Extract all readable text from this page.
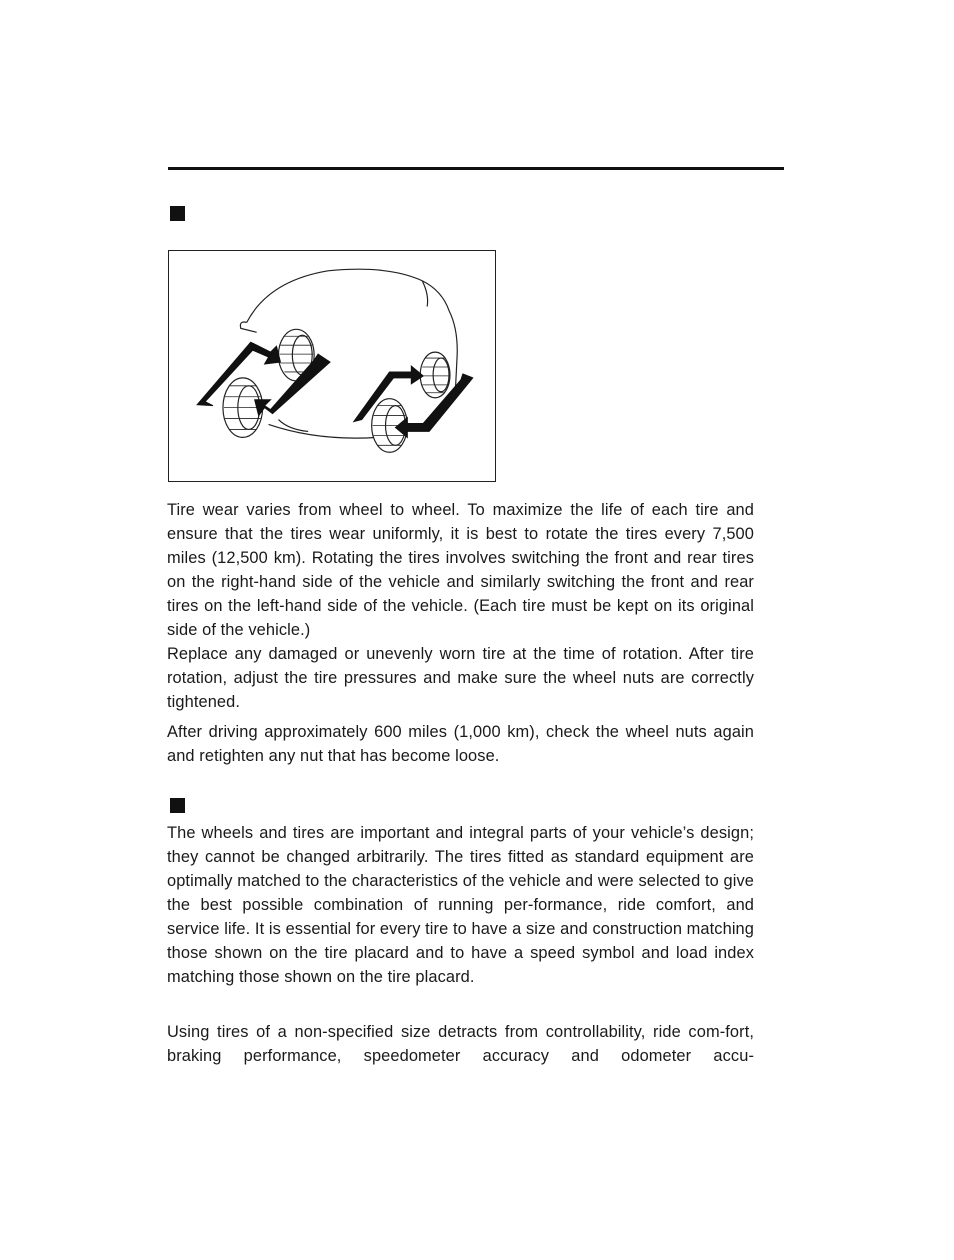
Tire wear varies from wheel to wheel. To maximize the life of each tire and ensure that the tires wear uniformly, it is best to rotate the tires every 7,500 miles (12,500 km). Rotating the tires involves switching the front and rear tires on the right-hand side of the vehicle and similarly switching the front and rear tires on the left-hand side of the vehicle. (Each tire must be kept on its original side of the vehicle.)

Replace any damaged or unevenly worn tire at the time of rotation. After tire rotation, adjust the tire pressures and make sure the wheel nuts are correctly tightened.

After driving approximately 600 miles (1,000 km), check the wheel nuts again and retighten any nut that has become loose.

The wheels and tires are important and integral parts of your vehicle’s design; they cannot be changed arbitrarily. The tires fitted as standard equipment are optimally matched to the characteristics of the vehicle and were selected to give the best possible combination of running per-formance, ride comfort, and service life. It is essential for every tire to have a size and construction matching those shown on the tire placard and to have a speed symbol and load index matching those shown on the tire placard.

Using tires of a non-specified size detracts from controllability, ride com-fort, braking performance, speedometer accuracy and odometer accu-
